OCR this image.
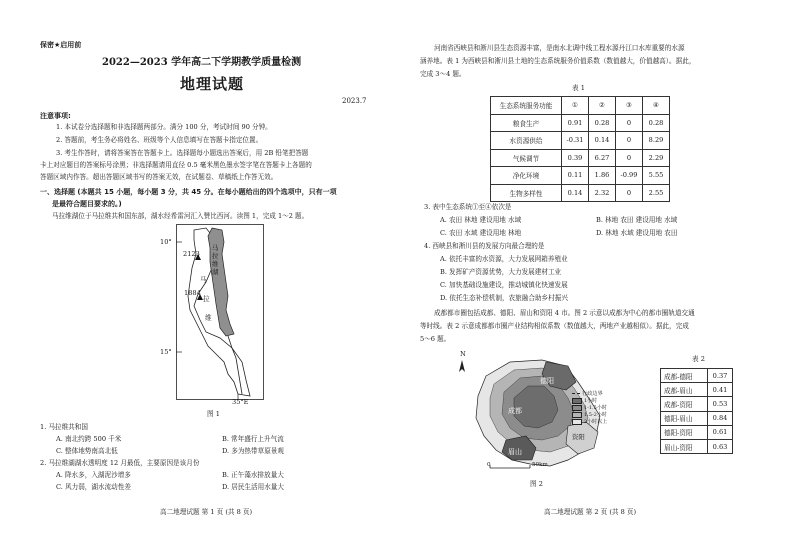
保密★启用前
2022—2023 学年高二下学期教学质量检测
地理试题
2023.7
注意事项:
1. 本试卷分选择题和非选择题两部分。满分 100 分，考试时间 90 分钟。
2. 答题前，考生务必将姓名、班级等个人信息填写在答题卡指定位置。
3. 考生作答时，请将答案答在答题卡上。选择题每小题选出答案后，用 2B 铅笔把答题
卡上对应题目的答案标号涂黑；非选择题请用直径 0.5 毫米黑色墨水签字笔在答题卡上各题的
答题区域内作答。超出答题区域书写的答案无效，在试题卷、草稿纸上作答无效。
一、选择题 (本题共 15 小题，每小题 3 分，共 45 分。在每小题给出的四个选项中，只有一项
是最符合题目要求的。)
马拉维湖位于马拉维共和国东部，湖水经希雷河汇入赞比西河。读图 1，完成 1～2 题。
10°
15°
35°E
2123
1884
马拉维湖
马
拉
维
图 1
1. 马拉维共和国
A. 南北约跨 500 千米	B. 常年盛行上升气流
C. 整体地势南高北低	D. 多为热带草原景观
2. 马拉维湖湖水透明度 12 月最低，主要原因是该月份
A. 降水多，入湖泥沙增多	B. 正午藻水排放量大
C. 风力弱，湖水流动性差	D. 居民生活用水量大
高二地理试题 第 1 页 (共 8 页)
河南省西峡县和淅川县生态资源丰富，是南水北调中线工程水源丹江口水库重要的水源
涵养地。表 1 为西峡县和淅川县土地的生态系统服务价值系数（数值越大，价值越高）。据此，
完成 3～4 题。
表 1
生态系统服务功能	①	②	③	④
粮食生产	0.91	0.28	0	0.28
水资源供给	-0.31	0.14	0	8.29
气候调节	0.39	6.27	0	2.29
净化环境	0.11	1.86	-0.99	5.55
生物多样性	0.14	2.32	0	2.55
3. 表中生态系统①至④依次是
A. 农田 林地 建设用地 水域	B. 林地 农田 建设用地 水域
C. 农田 水域 建设用地 林地	D. 林地 水域 建设用地 农田
4. 西峡县和淅川县的发展方向最合理的是
A. 依托丰富的水资源，大力发展网箱养殖业
B. 发挥矿产资源优势，大力发展建材工业
C. 加快基础设施建设，推动城镇化快速发展
D. 依托生态补偿机制，农旅融合助乡村振兴
成都都市圈包括成都、德阳、眉山和资阳 4 市。图 2 示意以成都为中心的都市圈轨道交通
等时线。表 2 示意成都都市圈产业结构相似系数（数值越大，两地产业越相似）。据此，完成
5～6 题。
N
德阳
成都
眉山
资阳
0	50km
行政边界
1小时
1-1.5小时
1.5-2小时
2小时以上
图 2
表 2
成都-德阳	0.37
成都-眉山	0.41
成都-资阳	0.53
德阳-眉山	0.84
德阳-资阳	0.61
眉山-资阳	0.63
高二地理试题 第 2 页 (共 8 页)
